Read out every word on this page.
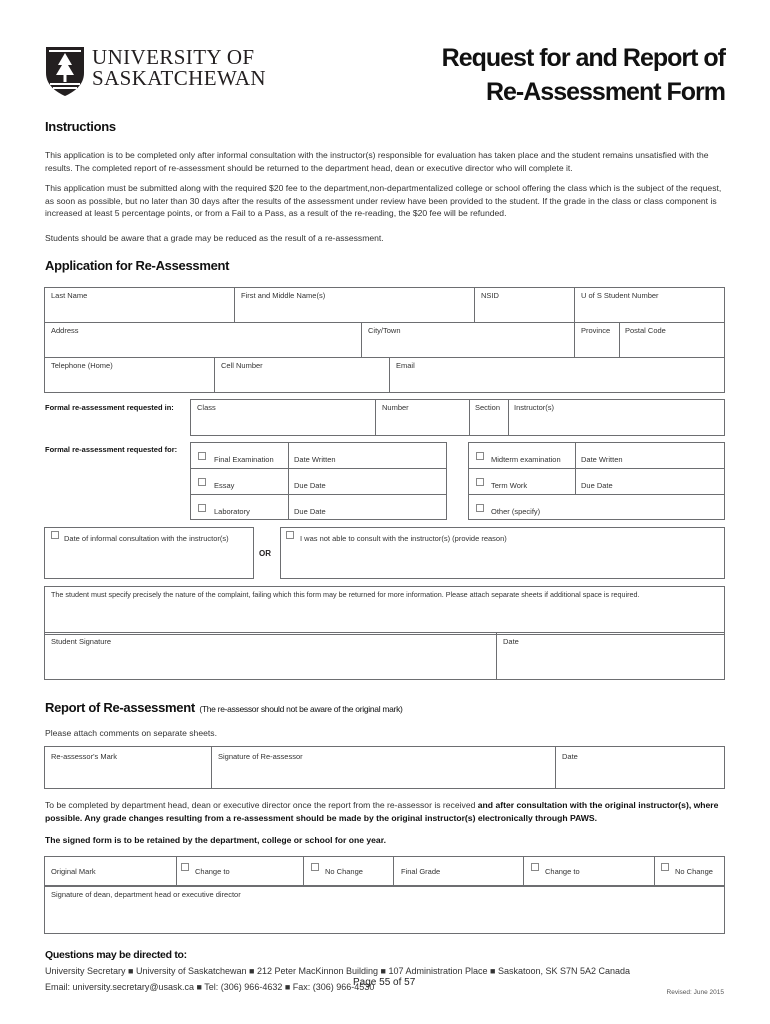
UNIVERSITY OF
SASKATCHEWAN
Request for and Report of
Re-Assessment Form
Instructions
This application is to be completed only after informal consultation with the instructor(s) responsible for evaluation has taken place and the student remains unsatisfied with the results. The completed report of re-assessment should be returned to the department head, dean or executive director who will complete it.
This application must be submitted along with the required $20 fee to the department,non-departmentalized college or school offering the class which is the subject of the request, as soon as possible, but no later than 30 days after the results of the assessment under review have been provided to the student. If the grade in the class or class component is increased at least 5 percentage points, or from a Fail to a Pass, as a result of the re-reading, the $20 fee will be refunded.
Students should be aware that a grade may be reduced as the result of a re-assessment.
Application for Re-Assessment
Last Name	First and Middle Name(s)	NSID	U of S Student Number
Address	City/Town	Province Postal Code
Telephone (Home)	Cell Number	Email
Formal re-assessment requested in:	Class	Number	Section Instructor(s)
Formal re-assessment requested for:
Final Examination	Date Written
Essay	Due Date
Laboratory	Due Date
Midterm examination	Date Written
Term Work	Due Date
Other (specify)
Date of informal consultation with the instructor(s)
OR
I was not able to consult with the instructor(s) (provide reason)
The student must specify precisely the nature of the complaint, failing which this form may be returned for more information. Please attach separate sheets if additional space is required.
Student Signature	Date
Report of Re-assessment (The re-assessor should not be aware of the original mark)
Please attach comments on separate sheets.
Re-assessor's Mark	Signature of Re-assessor	Date
To be completed by department head, dean or executive director once the report from the re-assessor is received and after consultation with the original instructor(s), where possible. Any grade changes resulting from a re-assessment should be made by the original instructor(s) electronically through PAWS.
The signed form is to be retained by the department, college or school for one year.
Original Mark	Change to	No Change	Final Grade	Change to	No Change
Signature of dean, department head or executive director
Questions may be directed to:
University Secretary ■ University of Saskatchewan ■ 212 Peter MacKinnon Building ■ 107 Administration Place ■ Saskatoon, SK S7N 5A2 Canada
Email: university.secretary@usask.ca ■ Tel: (306) 966-4632 ■ Fax: (306) 966-4530
Page 55 of 57
Revised: June 2015
